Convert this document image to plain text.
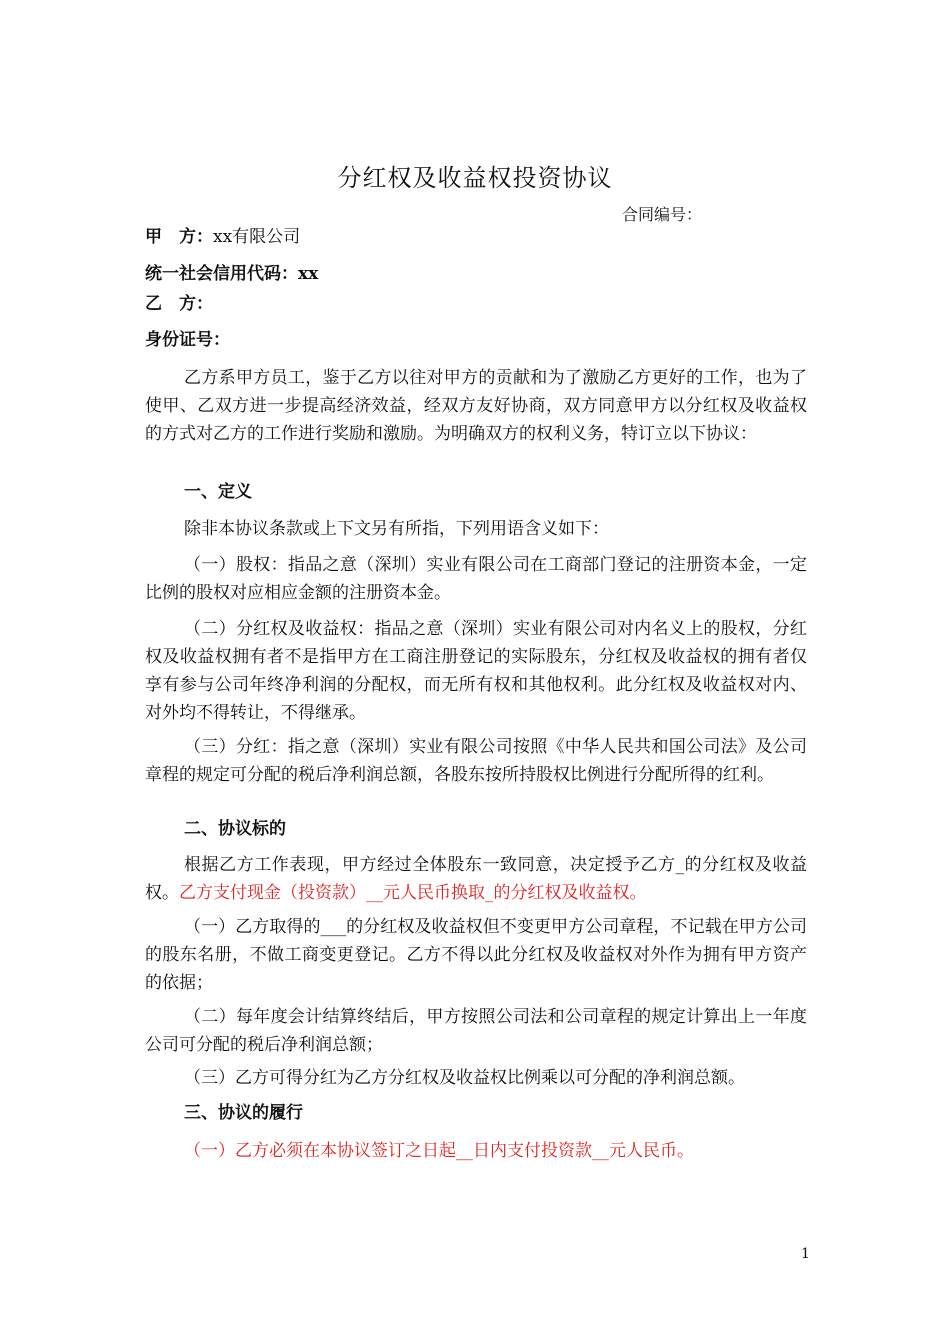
分红权及收益权投资协议
合同编号：
甲　方：xx有限公司
统一社会信用代码：xx
乙　方：
身份证号：
乙方系甲方员工，鉴于乙方以往对甲方的贡献和为了激励乙方更好的工作，也为了使甲、乙双方进一步提高经济效益，经双方友好协商，双方同意甲方以分红权及收益权的方式对乙方的工作进行奖励和激励。为明确双方的权利义务，特订立以下协议：
一、定义
除非本协议条款或上下文另有所指，下列用语含义如下：
（一）股权：指品之意（深圳）实业有限公司在工商部门登记的注册资本金，一定比例的股权对应相应金额的注册资本金。
（二）分红权及收益权：指品之意（深圳）实业有限公司对内名义上的股权，分红权及收益权拥有者不是指甲方在工商注册登记的实际股东，分红权及收益权的拥有者仅享有参与公司年终净利润的分配权，而无所有权和其他权利。此分红权及收益权对内、对外均不得转让，不得继承。
（三）分红：指之意（深圳）实业有限公司按照《中华人民共和国公司法》及公司章程的规定可分配的税后净利润总额，各股东按所持股权比例进行分配所得的红利。
二、协议标的
根据乙方工作表现，甲方经过全体股东一致同意，决定授予乙方_的分红权及收益权。乙方支付现金（投资款）__元人民币换取_的分红权及收益权。
（一）乙方取得的___的分红权及收益权但不变更甲方公司章程，不记载在甲方公司的股东名册，不做工商变更登记。乙方不得以此分红权及收益权对外作为拥有甲方资产的依据；
（二）每年度会计结算终结后，甲方按照公司法和公司章程的规定计算出上一年度公司可分配的税后净利润总额；
（三）乙方可得分红为乙方分红权及收益权比例乘以可分配的净利润总额。
三、协议的履行
（一）乙方必须在本协议签订之日起__日内支付投资款__元人民币。
1
